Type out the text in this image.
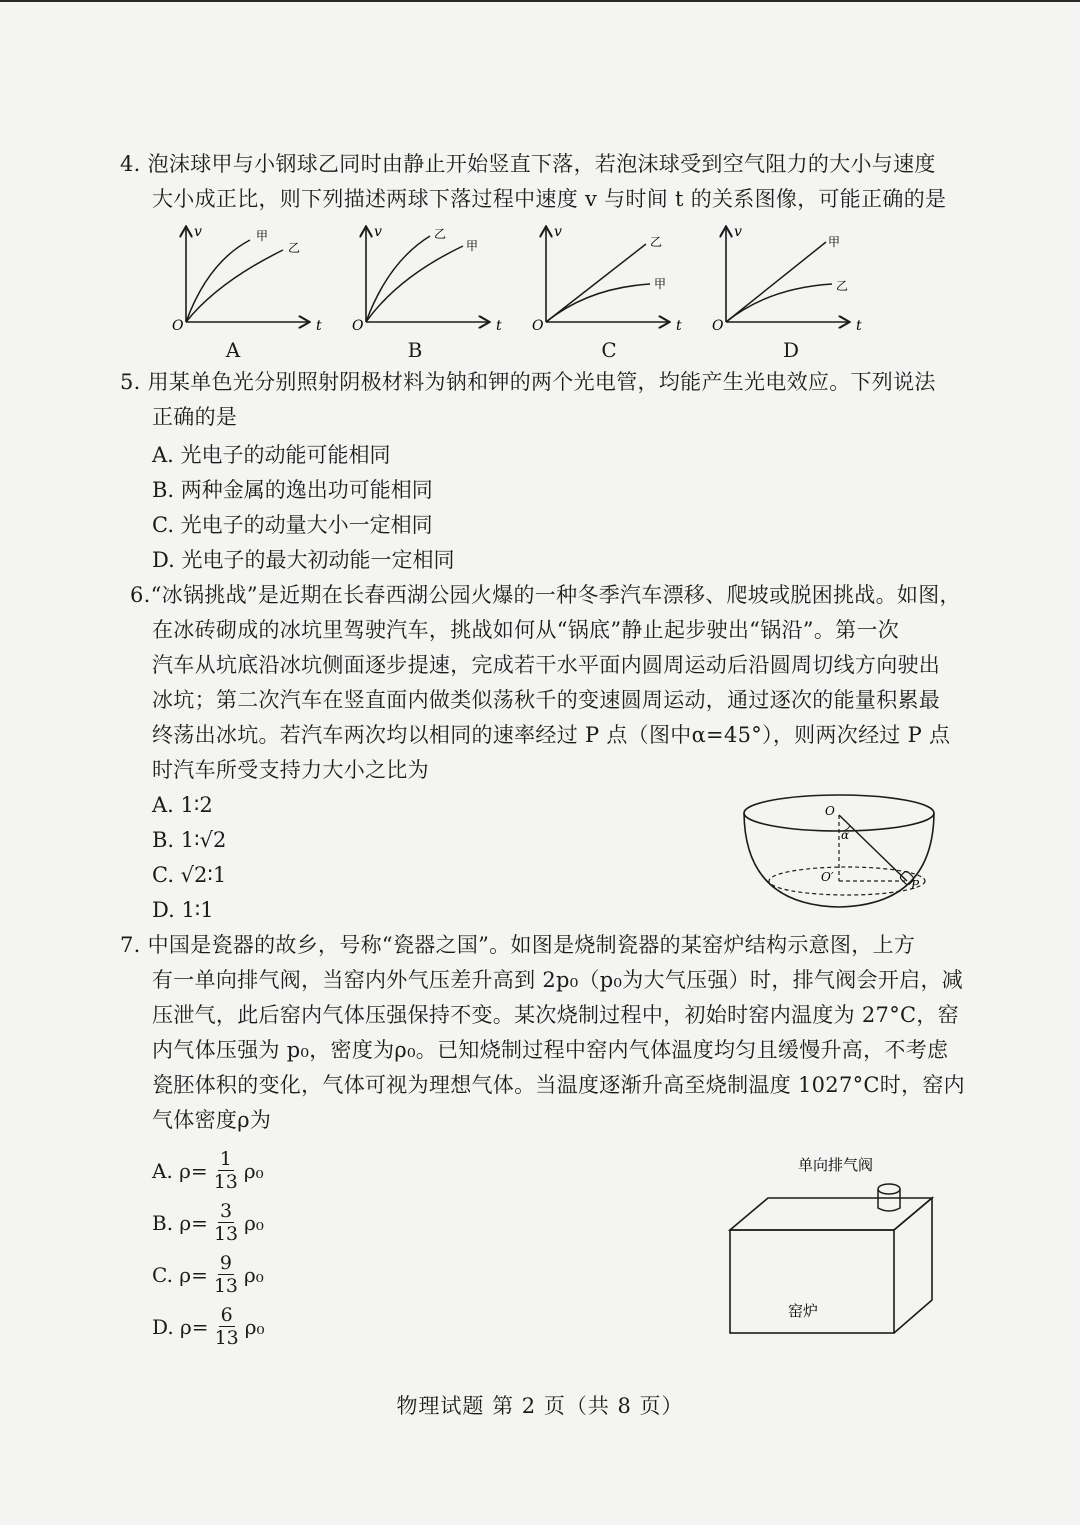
4. 泡沫球甲与小钢球乙同时由静止开始竖直下落，若泡沫球受到空气阻力的大小与速度
大小成正比，则下列描述两球下落过程中速度 v 与时间 t 的关系图像，可能正确的是
v
t
O
甲
乙
A
v
t
O
乙
甲
B
v
t
O
乙
甲
C
v
t
O
甲
乙
D
5. 用某单色光分别照射阴极材料为钠和钾的两个光电管，均能产生光电效应。下列说法
正确的是
A. 光电子的动能可能相同
B. 两种金属的逸出功可能相同
C. 光电子的动量大小一定相同
D. 光电子的最大初动能一定相同
6.“冰锅挑战”是近期在长春西湖公园火爆的一种冬季汽车漂移、爬坡或脱困挑战。如图，
在冰砖砌成的冰坑里驾驶汽车，挑战如何从“锅底”静止起步驶出“锅沿”。第一次
汽车从坑底沿冰坑侧面逐步提速，完成若干水平面内圆周运动后沿圆周切线方向驶出
冰坑；第二次汽车在竖直面内做类似荡秋千的变速圆周运动，通过逐次的能量积累最
终荡出冰坑。若汽车两次均以相同的速率经过 P 点（图中α=45°），则两次经过 P 点
时汽车所受支持力大小之比为
A. 1∶2
B. 1∶√2
C. √2∶1
D. 1∶1
O
O′
P
α
7. 中国是瓷器的故乡，号称“瓷器之国”。如图是烧制瓷器的某窑炉结构示意图，上方
有一单向排气阀，当窑内外气压差升高到 2p₀（p₀为大气压强）时，排气阀会开启，减
压泄气，此后窑内气体压强保持不变。某次烧制过程中，初始时窑内温度为 27°C，窑
内气体压强为 p₀，密度为ρ₀。已知烧制过程中窑内气体温度均匀且缓慢升高，不考虑
瓷胚体积的变化，气体可视为理想气体。当温度逐渐升高至烧制温度 1027°C时，窑内
气体密度ρ为
A. $\rho= \frac{1}{13} \rho_0$
B. $\rho= \frac{3}{13} \rho_0$
C. $\rho= \frac{9}{13} \rho_0$
D. $\rho= \frac{6}{13} \rho_0$
单向排气阀
窑炉
物理试题 第 2 页（共 8 页）
